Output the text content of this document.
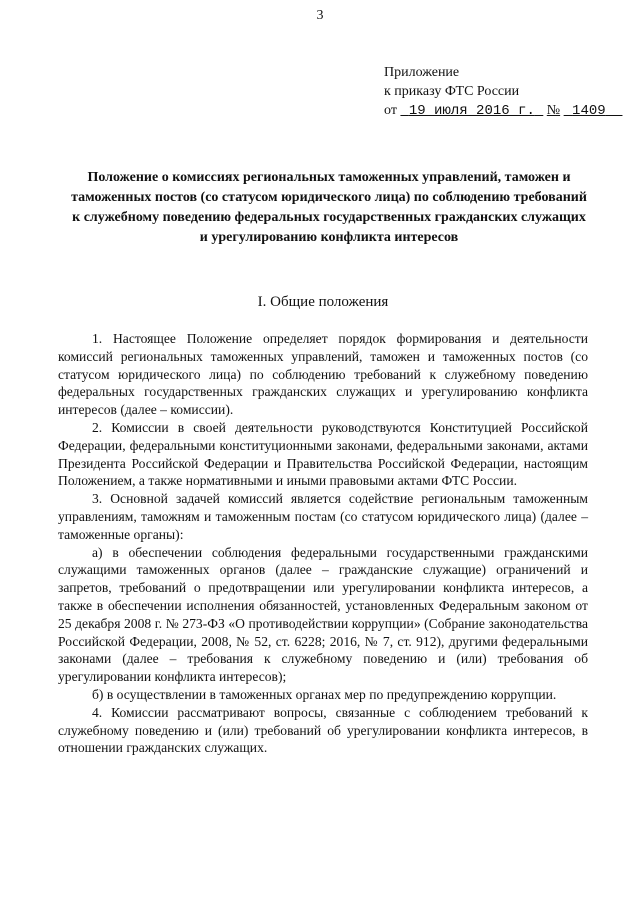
3
Приложение
к приказу ФТС России
от 19 июля 2016 г. № 1409
Положение о комиссиях региональных таможенных управлений, таможен и таможенных постов (со статусом юридического лица) по соблюдению требований к служебному поведению федеральных государственных гражданских служащих и урегулированию конфликта интересов
I. Общие положения

1. Настоящее Положение определяет порядок формирования и деятельности комиссий региональных таможенных управлений, таможен и таможенных постов (со статусом юридического лица) по соблюдению требований к служебному поведению федеральных государственных гражданских служащих и урегулированию конфликта интересов (далее – комиссии).

2. Комиссии в своей деятельности руководствуются Конституцией Российской Федерации, федеральными конституционными законами, федеральными законами, актами Президента Российской Федерации и Правительства Российской Федерации, настоящим Положением, а также нормативными и иными правовыми актами ФТС России.

3. Основной задачей комиссий является содействие региональным таможенным управлениям, таможням и таможенным постам (со статусом юридического лица) (далее – таможенные органы):

а) в обеспечении соблюдения федеральными государственными гражданскими служащими таможенных органов (далее – гражданские служащие) ограничений и запретов, требований о предотвращении или урегулировании конфликта интересов, а также в обеспечении исполнения обязанностей, установленных Федеральным законом от 25 декабря 2008 г. № 273-ФЗ «О противодействии коррупции» (Собрание законодательства Российской Федерации, 2008, № 52, ст. 6228; 2016, № 7, ст. 912), другими федеральными законами (далее – требования к служебному поведению и (или) требования об урегулировании конфликта интересов);

б) в осуществлении в таможенных органах мер по предупреждению коррупции.

4. Комиссии рассматривают вопросы, связанные с соблюдением требований к служебному поведению и (или) требований об урегулировании конфликта интересов, в отношении гражданских служащих.
